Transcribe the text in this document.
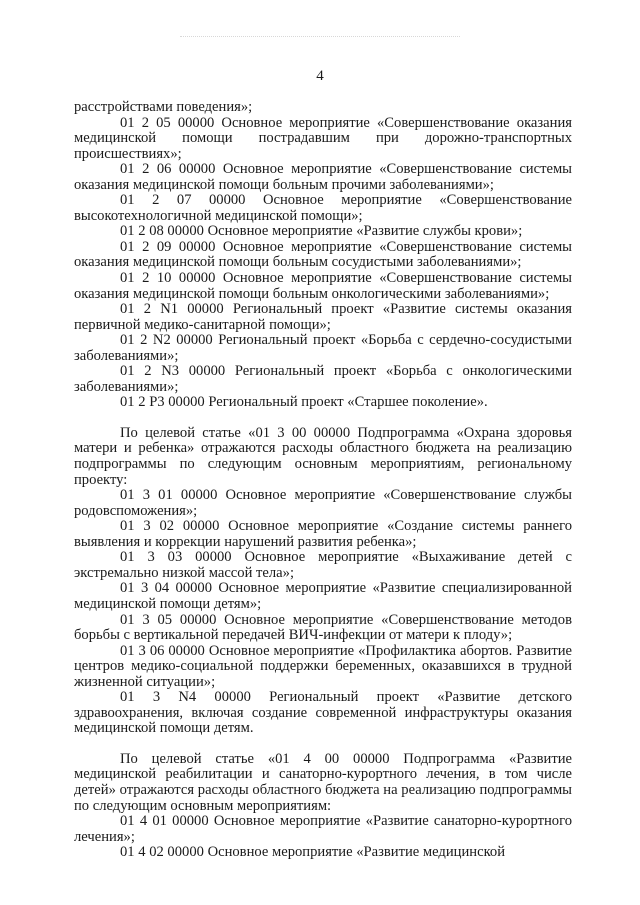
4

расстройствами поведения»;

01 2 05 00000 Основное мероприятие «Совершенствование оказания медицинской помощи пострадавшим при дорожно-транспортных происшествиях»;

01 2 06 00000 Основное мероприятие «Совершенствование системы оказания медицинской помощи больным прочими заболеваниями»;

01 2 07 00000 Основное мероприятие «Совершенствование высокотехнологичной медицинской помощи»;

01 2 08 00000 Основное мероприятие «Развитие службы крови»;

01 2 09 00000 Основное мероприятие «Совершенствование системы оказания медицинской помощи больным сосудистыми заболеваниями»;

01 2 10 00000 Основное мероприятие «Совершенствование системы оказания медицинской помощи больным онкологическими заболеваниями»;

01 2 N1 00000 Региональный проект «Развитие системы оказания первичной медико-санитарной помощи»;

01 2 N2 00000 Региональный проект «Борьба с сердечно-сосудистыми заболеваниями»;

01 2 N3 00000 Региональный проект «Борьба с онкологическими заболеваниями»;

01 2 P3 00000 Региональный проект «Старшее поколение».

По целевой статье «01 3 00 00000 Подпрограмма «Охрана здоровья матери и ребенка» отражаются расходы областного бюджета на реализацию подпрограммы по следующим основным мероприятиям, региональному проекту:

01 3 01 00000 Основное мероприятие «Совершенствование службы родовспоможения»;

01 3 02 00000 Основное мероприятие «Создание системы раннего выявления и коррекции нарушений развития ребенка»;

01 3 03 00000 Основное мероприятие «Выхаживание детей с экстремально низкой массой тела»;

01 3 04 00000 Основное мероприятие «Развитие специализированной медицинской помощи детям»;

01 3 05 00000 Основное мероприятие «Совершенствование методов борьбы с вертикальной передачей ВИЧ-инфекции от матери к плоду»;

01 3 06 00000 Основное мероприятие «Профилактика абортов. Развитие центров медико-социальной поддержки беременных, оказавшихся в трудной жизненной ситуации»;

01 3 N4 00000 Региональный проект «Развитие детского здравоохранения, включая создание современной инфраструктуры оказания медицинской помощи детям.

По целевой статье «01 4 00 00000 Подпрограмма «Развитие медицинской реабилитации и санаторно-курортного лечения, в том числе детей» отражаются расходы областного бюджета на реализацию подпрограммы по следующим основным мероприятиям:

01 4 01 00000 Основное мероприятие «Развитие санаторно-курортного лечения»;

01 4 02 00000 Основное мероприятие «Развитие медицинской
